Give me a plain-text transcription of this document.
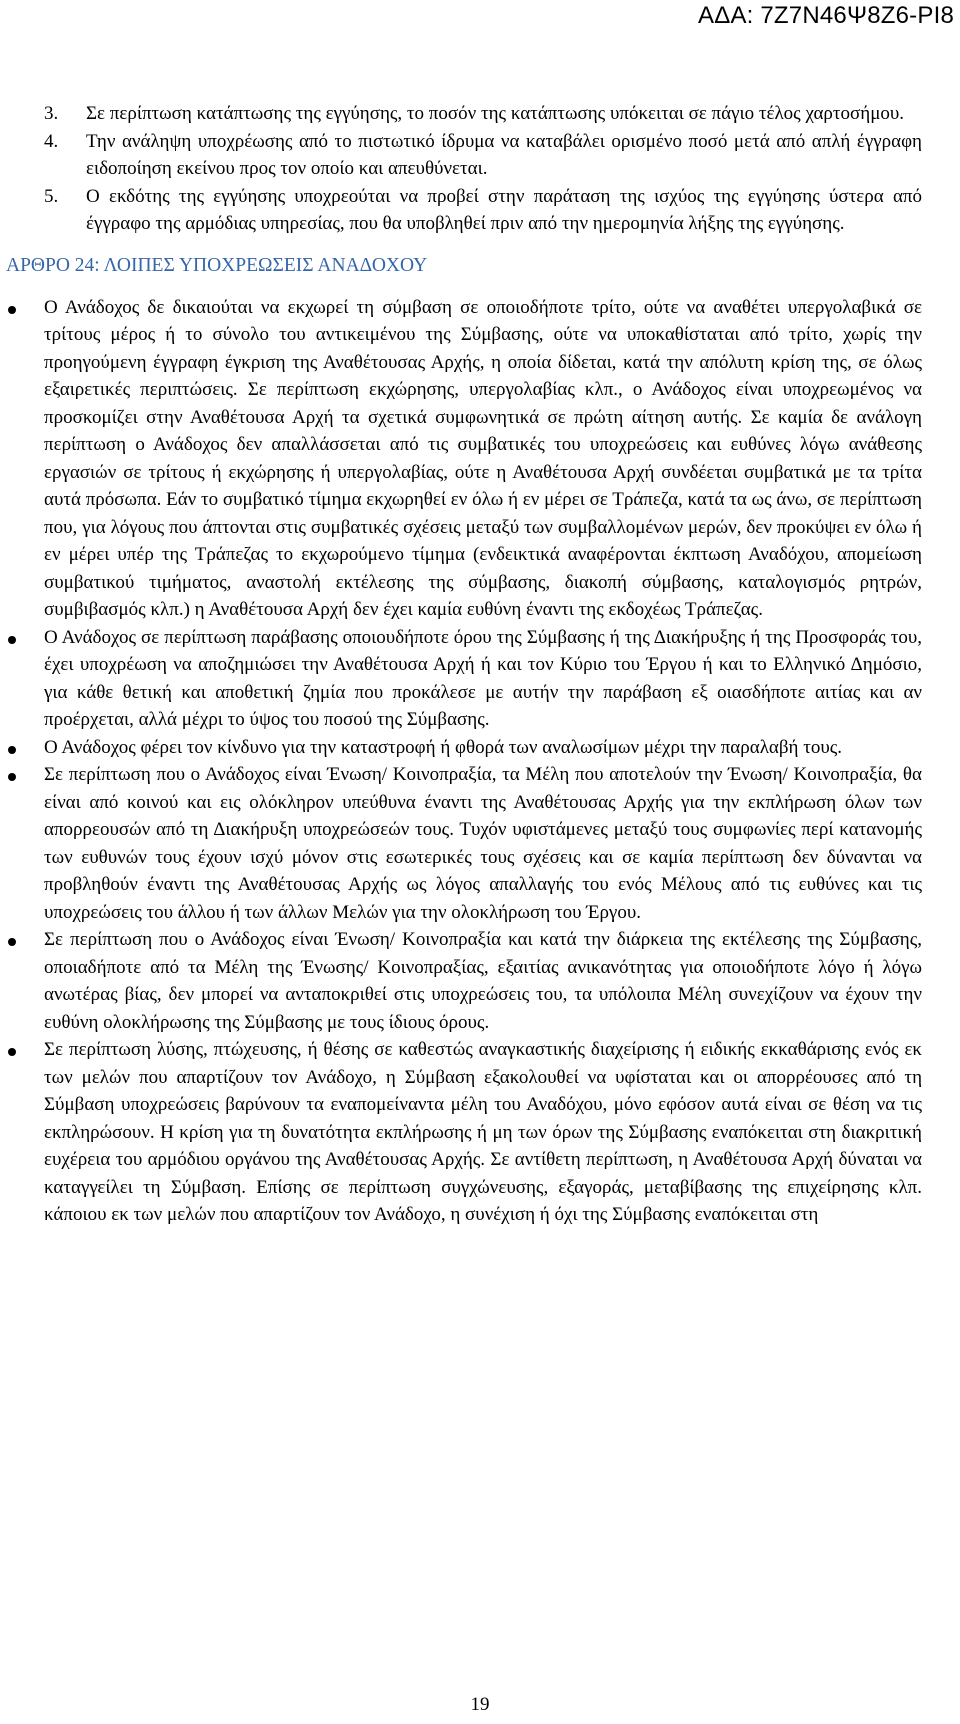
ΑΔΑ: 7Ζ7Ν46Ψ8Ζ6-ΡΙ8
3. Σε περίπτωση κατάπτωσης της εγγύησης, το ποσόν της κατάπτωσης υπόκειται σε πάγιο τέλος χαρτοσήμου.
4. Την ανάληψη υποχρέωσης από το πιστωτικό ίδρυμα να καταβάλει ορισμένο ποσό μετά από απλή έγγραφη ειδοποίηση εκείνου προς τον οποίο και απευθύνεται.
5. Ο εκδότης της εγγύησης υποχρεούται να προβεί στην παράταση της ισχύος της εγγύησης ύστερα από έγγραφο της αρμόδιας υπηρεσίας, που θα υποβληθεί πριν από την ημερομηνία λήξης της εγγύησης.
ΑΡΘΡΟ 24: ΛΟΙΠΕΣ ΥΠΟΧΡΕΩΣΕΙΣ ΑΝΑΔΟΧΟΥ
Ο Ανάδοχος δε δικαιούται να εκχωρεί τη σύμβαση σε οποιοδήποτε τρίτο, ούτε να αναθέτει υπεργολαβικά σε τρίτους μέρος ή το σύνολο του αντικειμένου της Σύμβασης, ούτε να υποκαθίσταται από τρίτο, χωρίς την προηγούμενη έγγραφη έγκριση της Αναθέτουσας Αρχής, η οποία δίδεται, κατά την απόλυτη κρίση της, σε όλως εξαιρετικές περιπτώσεις. Σε περίπτωση εκχώρησης, υπεργολαβίας κλπ., ο Ανάδοχος είναι υποχρεωμένος να προσκομίζει στην Αναθέτουσα Αρχή τα σχετικά συμφωνητικά σε πρώτη αίτηση αυτής. Σε καμία δε ανάλογη περίπτωση ο Ανάδοχος δεν απαλλάσσεται από τις συμβατικές του υποχρεώσεις και ευθύνες λόγω ανάθεσης εργασιών σε τρίτους ή εκχώρησης ή υπεργολαβίας, ούτε η Αναθέτουσα Αρχή συνδέεται συμβατικά με τα τρίτα αυτά πρόσωπα. Εάν το συμβατικό τίμημα εκχωρηθεί εν όλω ή εν μέρει σε Τράπεζα, κατά τα ως άνω, σε περίπτωση που, για λόγους που άπτονται στις συμβατικές σχέσεις μεταξύ των συμβαλλομένων μερών, δεν προκύψει εν όλω ή εν μέρει υπέρ της Τράπεζας το εκχωρούμενο τίμημα (ενδεικτικά αναφέρονται έκπτωση Αναδόχου, απομείωση συμβατικού τιμήματος, αναστολή εκτέλεσης της σύμβασης, διακοπή σύμβασης, καταλογισμός ρητρών, συμβιβασμός κλπ.) η Αναθέτουσα Αρχή δεν έχει καμία ευθύνη έναντι της εκδοχέως Τράπεζας.
Ο Ανάδοχος σε περίπτωση παράβασης οποιουδήποτε όρου της Σύμβασης ή της Διακήρυξης ή της Προσφοράς του, έχει υποχρέωση να αποζημιώσει την Αναθέτουσα Αρχή ή και τον Κύριο του Έργου ή και το Ελληνικό Δημόσιο, για κάθε θετική και αποθετική ζημία που προκάλεσε με αυτήν την παράβαση εξ οιασδήποτε αιτίας και αν προέρχεται, αλλά μέχρι το ύψος του ποσού της Σύμβασης.
Ο Ανάδοχος φέρει τον κίνδυνο για την καταστροφή ή φθορά των αναλωσίμων μέχρι την παραλαβή τους.
Σε περίπτωση που ο Ανάδοχος είναι Ένωση/ Κοινοπραξία, τα Μέλη που αποτελούν την Ένωση/ Κοινοπραξία, θα είναι από κοινού και εις ολόκληρον υπεύθυνα έναντι της Αναθέτουσας Αρχής για την εκπλήρωση όλων των απορρεουσών από τη Διακήρυξη υποχρεώσεών τους. Τυχόν υφιστάμενες μεταξύ τους συμφωνίες περί κατανομής των ευθυνών τους έχουν ισχύ μόνον στις εσωτερικές τους σχέσεις και σε καμία περίπτωση δεν δύνανται να προβληθούν έναντι της Αναθέτουσας Αρχής ως λόγος απαλλαγής του ενός Μέλους από τις ευθύνες και τις υποχρεώσεις του άλλου ή των άλλων Μελών για την ολοκλήρωση του Έργου.
Σε περίπτωση που ο Ανάδοχος είναι Ένωση/ Κοινοπραξία και κατά την διάρκεια της εκτέλεσης της Σύμβασης, οποιαδήποτε από τα Μέλη της Ένωσης/ Κοινοπραξίας, εξαιτίας ανικανότητας για οποιοδήποτε λόγο ή λόγω ανωτέρας βίας, δεν μπορεί να ανταποκριθεί στις υποχρεώσεις του, τα υπόλοιπα Μέλη συνεχίζουν να έχουν την ευθύνη ολοκλήρωσης της Σύμβασης με τους ίδιους όρους.
Σε περίπτωση λύσης, πτώχευσης, ή θέσης σε καθεστώς αναγκαστικής διαχείρισης ή ειδικής εκκαθάρισης ενός εκ των μελών που απαρτίζουν τον Ανάδοχο, η Σύμβαση εξακολουθεί να υφίσταται και οι απορρέουσες από τη Σύμβαση υποχρεώσεις βαρύνουν τα εναπομείναντα μέλη του Αναδόχου, μόνο εφόσον αυτά είναι σε θέση να τις εκπληρώσουν. Η κρίση για τη δυνατότητα εκπλήρωσης ή μη των όρων της Σύμβασης εναπόκειται στη διακριτική ευχέρεια του αρμόδιου οργάνου της Αναθέτουσας Αρχής. Σε αντίθετη περίπτωση, η Αναθέτουσα Αρχή δύναται να καταγγείλει τη Σύμβαση. Επίσης σε περίπτωση συγχώνευσης, εξαγοράς, μεταβίβασης της επιχείρησης κλπ. κάποιου εκ των μελών που απαρτίζουν τον Ανάδοχο, η συνέχιση ή όχι της Σύμβασης εναπόκειται στη
19
